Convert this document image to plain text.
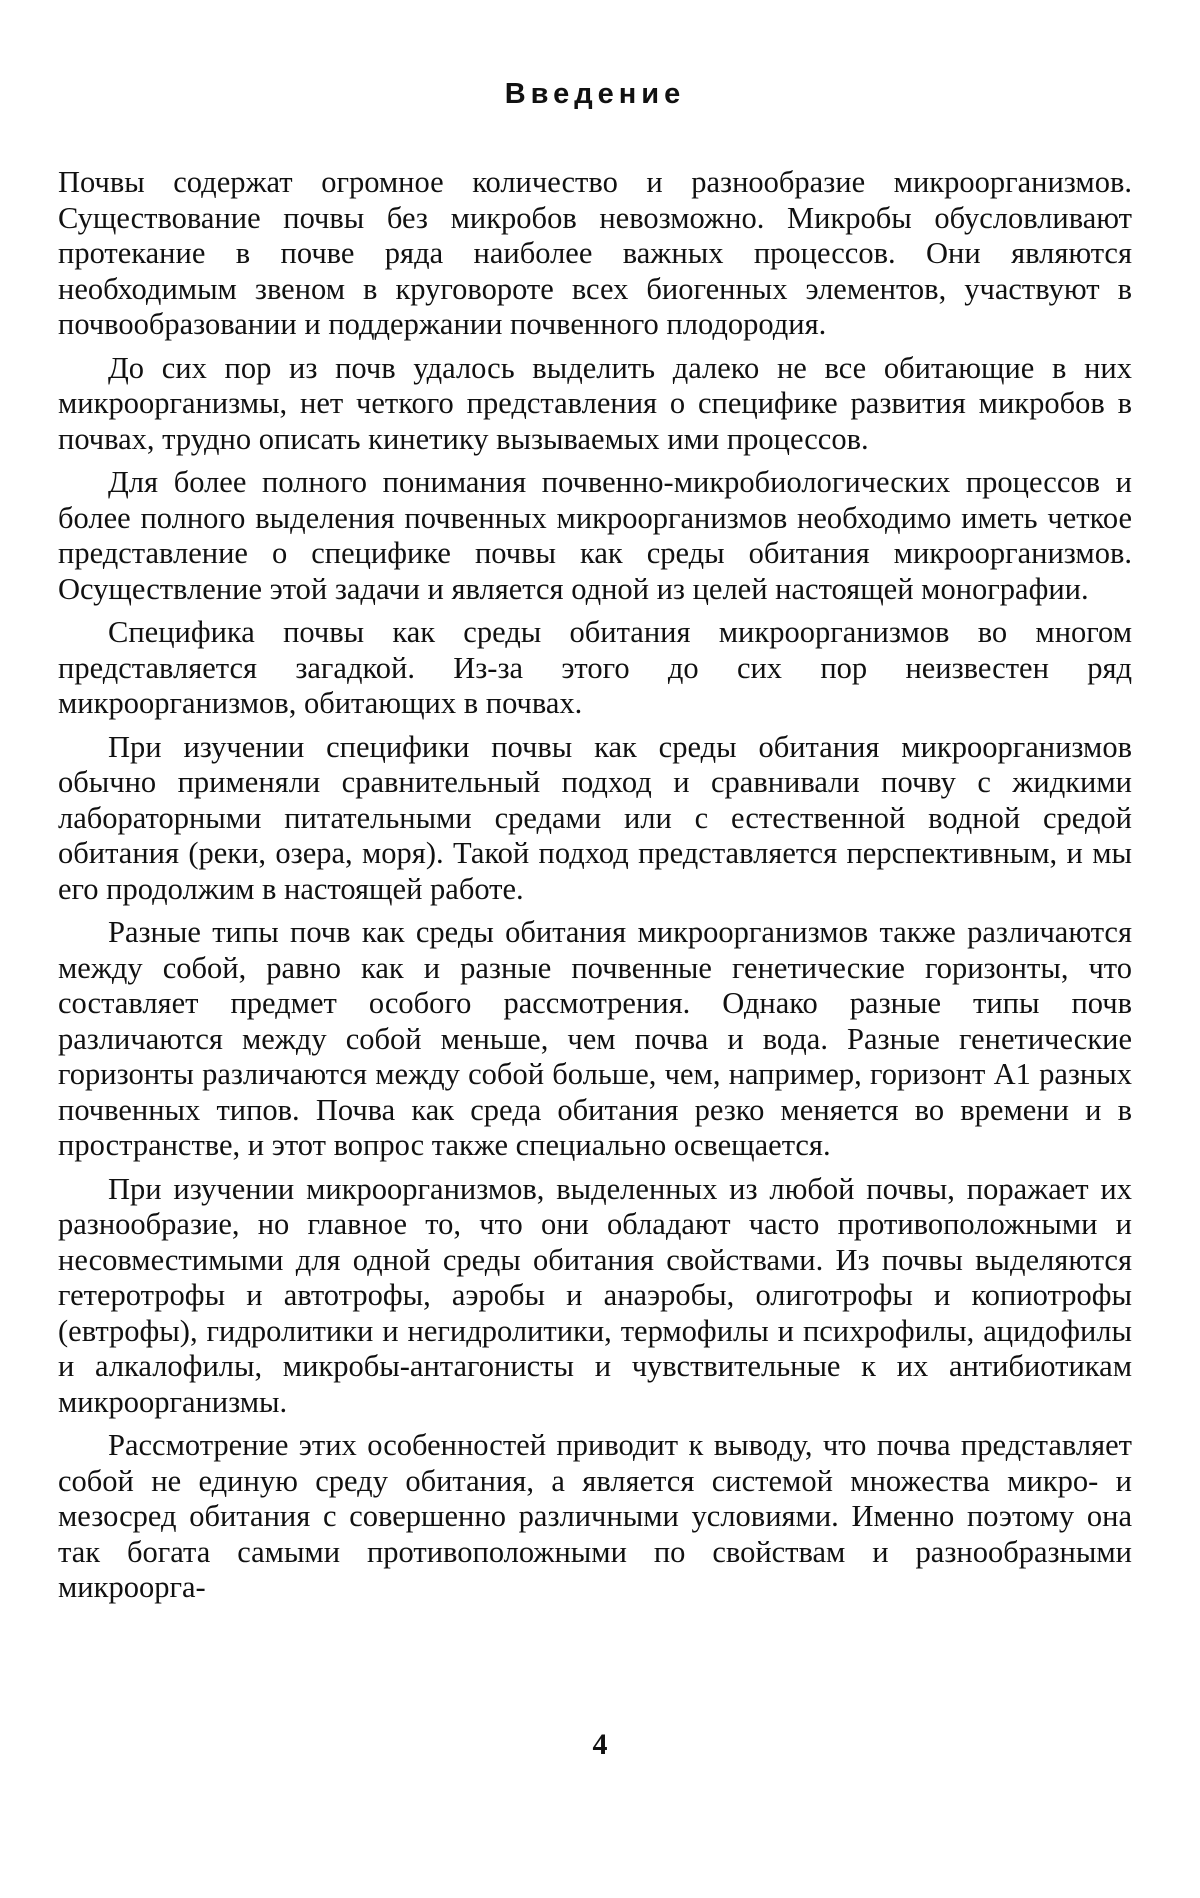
Введение

Почвы содержат огромное количество и разнообразие микроорганизмов. Существование почвы без микробов невозможно. Микробы обусловливают протекание в почве ряда наиболее важных процессов. Они являются необходимым звеном в круговороте всех биогенных элементов, участвуют в почвообразовании и поддержании почвенного плодородия.

До сих пор из почв удалось выделить далеко не все обитающие в них микроорганизмы, нет четкого представления о специфике развития микробов в почвах, трудно описать кинетику вызываемых ими процессов.

Для более полного понимания почвенно-микробиологических процессов и более полного выделения почвенных микроорганизмов необходимо иметь четкое представление о специфике почвы как среды обитания микроорганизмов. Осуществление этой задачи и является одной из целей настоящей монографии.

Специфика почвы как среды обитания микроорганизмов во многом представляется загадкой. Из-за этого до сих пор неизвестен ряд микроорганизмов, обитающих в почвах.

При изучении специфики почвы как среды обитания микроорганизмов обычно применяли сравнительный подход и сравнивали почву с жидкими лабораторными питательными средами или с естественной водной средой обитания (реки, озера, моря). Такой подход представляется перспективным, и мы его продолжим в настоящей работе.

Разные типы почв как среды обитания микроорганизмов также различаются между собой, равно как и разные почвенные генетические горизонты, что составляет предмет особого рассмотрения. Однако разные типы почв различаются между собой меньше, чем почва и вода. Разные генетические горизонты различаются между собой больше, чем, например, горизонт A1 разных почвенных типов. Почва как среда обитания резко меняется во времени и в пространстве, и этот вопрос также специально освещается.

При изучении микроорганизмов, выделенных из любой почвы, поражает их разнообразие, но главное то, что они обладают часто противоположными и несовместимыми для одной среды обитания свойствами. Из почвы выделяются гетеротрофы и автотрофы, аэробы и анаэробы, олиготрофы и копиотрофы (евтрофы), гидролитики и негидролитики, термофилы и психрофилы, ацидофилы и алкалофилы, микробы-антагонисты и чувствительные к их антибиотикам микроорганизмы.

Рассмотрение этих особенностей приводит к выводу, что почва представляет собой не единую среду обитания, а является системой множества микро- и мезосред обитания с совершенно различными условиями. Именно поэтому она так богата самыми противоположными по свойствам и разнообразными микроорга-

4
